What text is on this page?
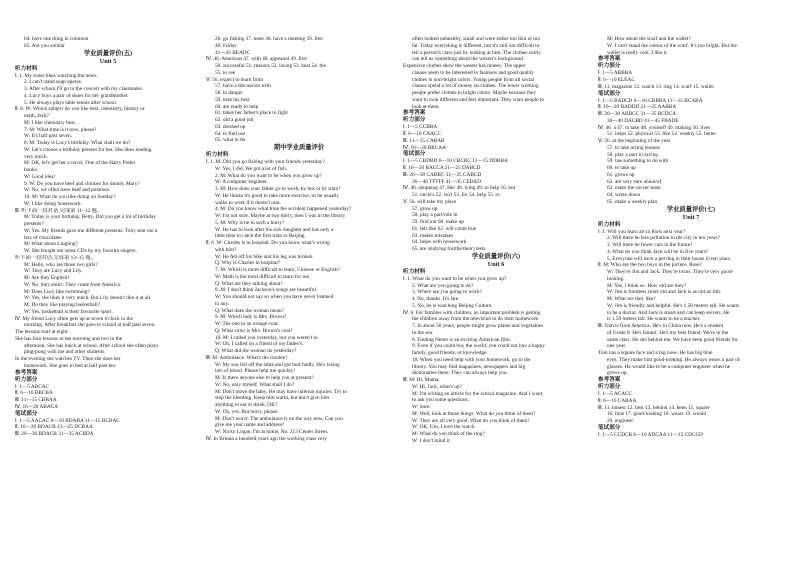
64. have one thing in common
65. Are you similar
学业质量评价(五)
Unit 5
听力材料
Ⅰ. 1. My sister likes watching the news.
2. I can't stand soap operas.
3. After school,I'll go to the concert with my classmates.
4. Lucy buys a pair of shoes for her grandmother.
5. He always plays table tennis after school.
Ⅱ. 6. W: Which subject do you like best, chemistry, history or
math, Jack?
M: I like chemistry best.
7. M: What time is it now, please?
W: It's half past seven.
8. M: Today is Lucy's birthday. What shall we do?
W: Let's choose a birthday present for her. She likes reading
very much.
M: OK, let's get her a novel, One of the Harry Potter
books.
W: Good idea!
9. W: Do you have beef and chicken for dinner, Mary?
W: No, we often have beef and potatoes.
10. M: What do you like doing on Sunday?
W: I like doing housework.
Ⅲ. 听下面一段对话,完成第 11~12 题。
M: Today is your birthday, Betty. Did you get a lot of birthday
presents?
W: Yes. My friends gave me different presents. Tony sent me a
box of chocolates.
M: What about Lingling?
W: She bought me some CDs by my favorite singers.
听下面一段对话,完成第 13~15 题。
M: Hello, who are those two girls?
W: They are Lucy and Lily.
M: Are they English?
W: No, they aren't. They come from America.
M: Does Lucy like swimming?
W: Yes, she likes it very much. But Lily doesn't like it at all.
M: Do they like playing basketball?
W: Yes, basketball is their favourite sport.
Ⅳ. My friend Lucy often gets up at seven o'clock in the
morning. After breakfast she goes to school at half past seven.
The lessons start at eight.
She has four lessons in the morning and two in the
afternoon. She has lunch at school. After school she often plays
ping-pong with me and other students.
In the evening she watches TV. Then she does her
homework. She goes to bed at half past ten.
参考答案
听力部分
Ⅰ. 1—5 ABCAC
Ⅱ. 6—10 BBCBA
Ⅲ. 11—15 CBBAA
Ⅳ. 16—20 ABACA
笔试部分
Ⅰ. 1—5 AACAC 6—10 BDABA 11—15 BCBAC
Ⅱ. 16—20 BDACB 21—25 DCBAA
Ⅲ. 26—30 BDACB 31—35 ACBDA
26. go fishing 37. meet 38. have a meeting 39. free
40. Friday
41—45 BEADC
Ⅳ. 46. American 47. with 48. appeared 49. first
50. successful 51. reasons 52. losing 53. beat 54. the
55. to see
Ⅴ. 56. expect to learn from
57. have a discussion with
58. in danger
59. tries his best
60. are ready to help
61. takes her father's place to fight
62. did a good job
63. dressed up
64. to find out
65. what to do
期中学业质量评价
听力材料
Ⅰ. 1. M: Did you go fishing with your friends yesterday?
W: Yes, I did. We got a lot of fish.
2. M: What do you want to be when you grow up?
W: A computer engineer.
3. M: How does your father go to work, by bus or by train?
W: He thinks it's good to take more exercise, so he usually
walks to work if it doesn't rain.
4. M: Do you know what time the accident happened yesterday?
W: I'm not sure. Maybe at two thirty, then I was in the library.
5. M: Why is he in such a hurry?
W: He has to look after his sick daughter and has only a
little time to catch the first train to Beijing.
Ⅱ. 6. W: Charles is in hospital. Do you know what's wrong
with him?
W: He fell off his bike and his leg was broken.
Q: Why is Charles in hospital?
7. M: Which is more difficult to learn, Chinese or English?
W: Math is the most difficult to learn for me.
Q: What are they talking about?
8. M: I don't think Jackson's songs are beautiful.
W: You should not say so when you have never listened
to any.
Q: What does the woman mean?
9. M: Which lady is Mrs. Brown?
W: The one in an orange coat.
Q: What color is Mrs. Brown's coat?
10. M: I called you yesterday, but you weren't in.
W: Oh, I called on a friend of my father's.
Q: What did the woman do yesterday?
Ⅲ. M: Ambulance. What's the trouble?
W: My son fell off the table and got hurt badly. He's losing
lots of blood. Please help me quickly!
M: Is there anyone else to help you at present?
W: No, only myself. What shall I do?
M: Don't move the baby. He may have internal injuries. Try to
stop the bleeding. Keep him warm, but don't give him
anything to eat or drink. OK?
W: Oh, yes. But hurry, please.
M: Don't worry. The ambulance is on the way now. Can you
give me your name and address?
W: Nicky Logan. I'm at home, No. 213 Center Street.
Ⅳ. In Britain a hundred years ago the working class very
often looked unhealthy, small and were either too thin or too
fat. Today everything is different, but it's still not difficult to
tell a person's class just by looking at him. The clothes really
can tell us something about the wearer's background.
Expensive clothes show the wearer has money. The upper
classes seem to be interested in fashions and good quality
clothes in non-bright colors. Young people from all social
classes spend a lot of money on clothes. The lower working
people prefer clothes in bright colors. Maybe because they
want to look different and feel important. They want people to
look at them.
参考答案
听力部分
Ⅰ. 1—5 CCBBA
Ⅱ. 6—10 CAACC
Ⅲ. 11—15 CABAB
Ⅳ. 16—20 BBCAA
笔试部分
Ⅰ. 1—5 CBDBD 6—10 CBCBC 11—15 DDBBA
Ⅱ. 16—20 BACCA 21—25 DABCD
Ⅲ. 26—30 CABBC 31—35 CABCD
36—40 TFTFF 41—45 CEBAD
Ⅳ. 46. shopping 47. Her 48. lying 49. to help 50. but
51. uncle's 52. isn't 53. for 54. help 55. to
Ⅴ. 56. will take my place
57. grow up
58. play a part/role in
59. find out 60. make up
61. felt like 62. will come true
63. makes mistakes
64. helps with housework
65. are studying for(the/their) tests
学业质量评价(六)
Unit 6
听力材料
Ⅰ. 1. What do you want to be when you grow up?
2. What are you going to do?
3. Where are you going to work?
4. No, thanks. It's late.
5. No, he is watching Beijing Culture.
Ⅳ. 6. For families with children, an important problem is getting
the children away from the television to do their homework.
7. In about 50 years, people might grow plants and vegetables
in the sea.
8. Finding Nemo is an exciting American film.
9. Even if you could buy the world, you could not buy a happy
family, good friends, or knowledge.
10. When you need help with your homework, go to the
library. You may find magazines, newspapers and big
dictionaries there. They can always help you.
Ⅲ. M: Hi, Mama.
W: Hi, Jack, what's up?
M: I'm writing an article for the school magazine. And I want
to ask you some questions.
W: Sure.
M: Well, look at those things. What do you think of them?
W: They are all very good. What do you think of them?
W: OK. Um, I love the watch.
M: What do you think of the ring?
W: I don't mind it.
M: How about the scarf and the wallet?
W: I can't stand the colour of the scarf. It's too bright. But the
wallet is really cool, I like it.
参考答案
听力部分
Ⅰ. 1—5 ABBBA
Ⅱ. 6—10 ELEAC
Ⅲ. 11. magazine 12. watch 13. ring 14. scarf 15. wallet
笔试部分
Ⅰ. 1—5 BADCB 6—10 CBBBA 11—15 BCABA
Ⅱ. 16—20 BADDD 21—25 AABBA
Ⅲ. 26—30 ABBCC 31—35 BCDCA
36—40 DACBD 41—45 FBADE
Ⅳ. 46. a 47. to take 48. yourself 49. making 50. lives
51. helps 52. physical 53. like 54. weekly 55. better
Ⅴ. 56. at the beginning of the year
57. to take acting lessons
58. play a part in saving
59. has something to do with
60. to take up
61. grows up
62. am very sure about/of
63. make the soccer team
64. wrote down
65. make a weekly plan
学业质量评价(七)
Unit 7
听力材料
Ⅰ. 1. Will you learn art in Paris next year?
2. Will there be less pollution in the city in ten years?
3. Will there be fewer cars in the future?
4. What do you think Jack will be in five years?
5. Everyone will have a pet dog in their house in ten years.
Ⅱ. M: Who are the two boys in the picture, Rose?
W: They're Jim and Jack. They're twins. They're very good-
looking.
M: Yes, I think so. How old are they?
W: Jim is fourteen years old and Jack is as old as Jim.
M: What are they like?
W: Jim is friendly and helpful. He's 1.58 meters tall. He wants
to be a doctor. And Jack is smart and can keep secrets. He
is 1.59 meters tall. He wants to be a teacher.
Ⅲ. Tom is from America. He's in China now. He's a student
of Grade 8. He's honest. He's my best friend. We're in the
same class. He sits behind me. We have been good friends for
one year.
Tom has a square face and a big nose. He has big blue
eyes. They make him good-looking. He always wears a pair of
glasses. He would like to be a computer engineer when he
grows up.
参考答案
听力部分
Ⅰ. 1—5 ACACC
Ⅱ. 6—10 CABAA
Ⅲ. 11. honest 12. best 13. behind 14. been 15. square
16. blue 17. good-looking 18. wears 19. would
20. engineer
笔试部分
Ⅰ. 1—5 CCDCB 6—10 ADCAA 11—15 CDCCD
